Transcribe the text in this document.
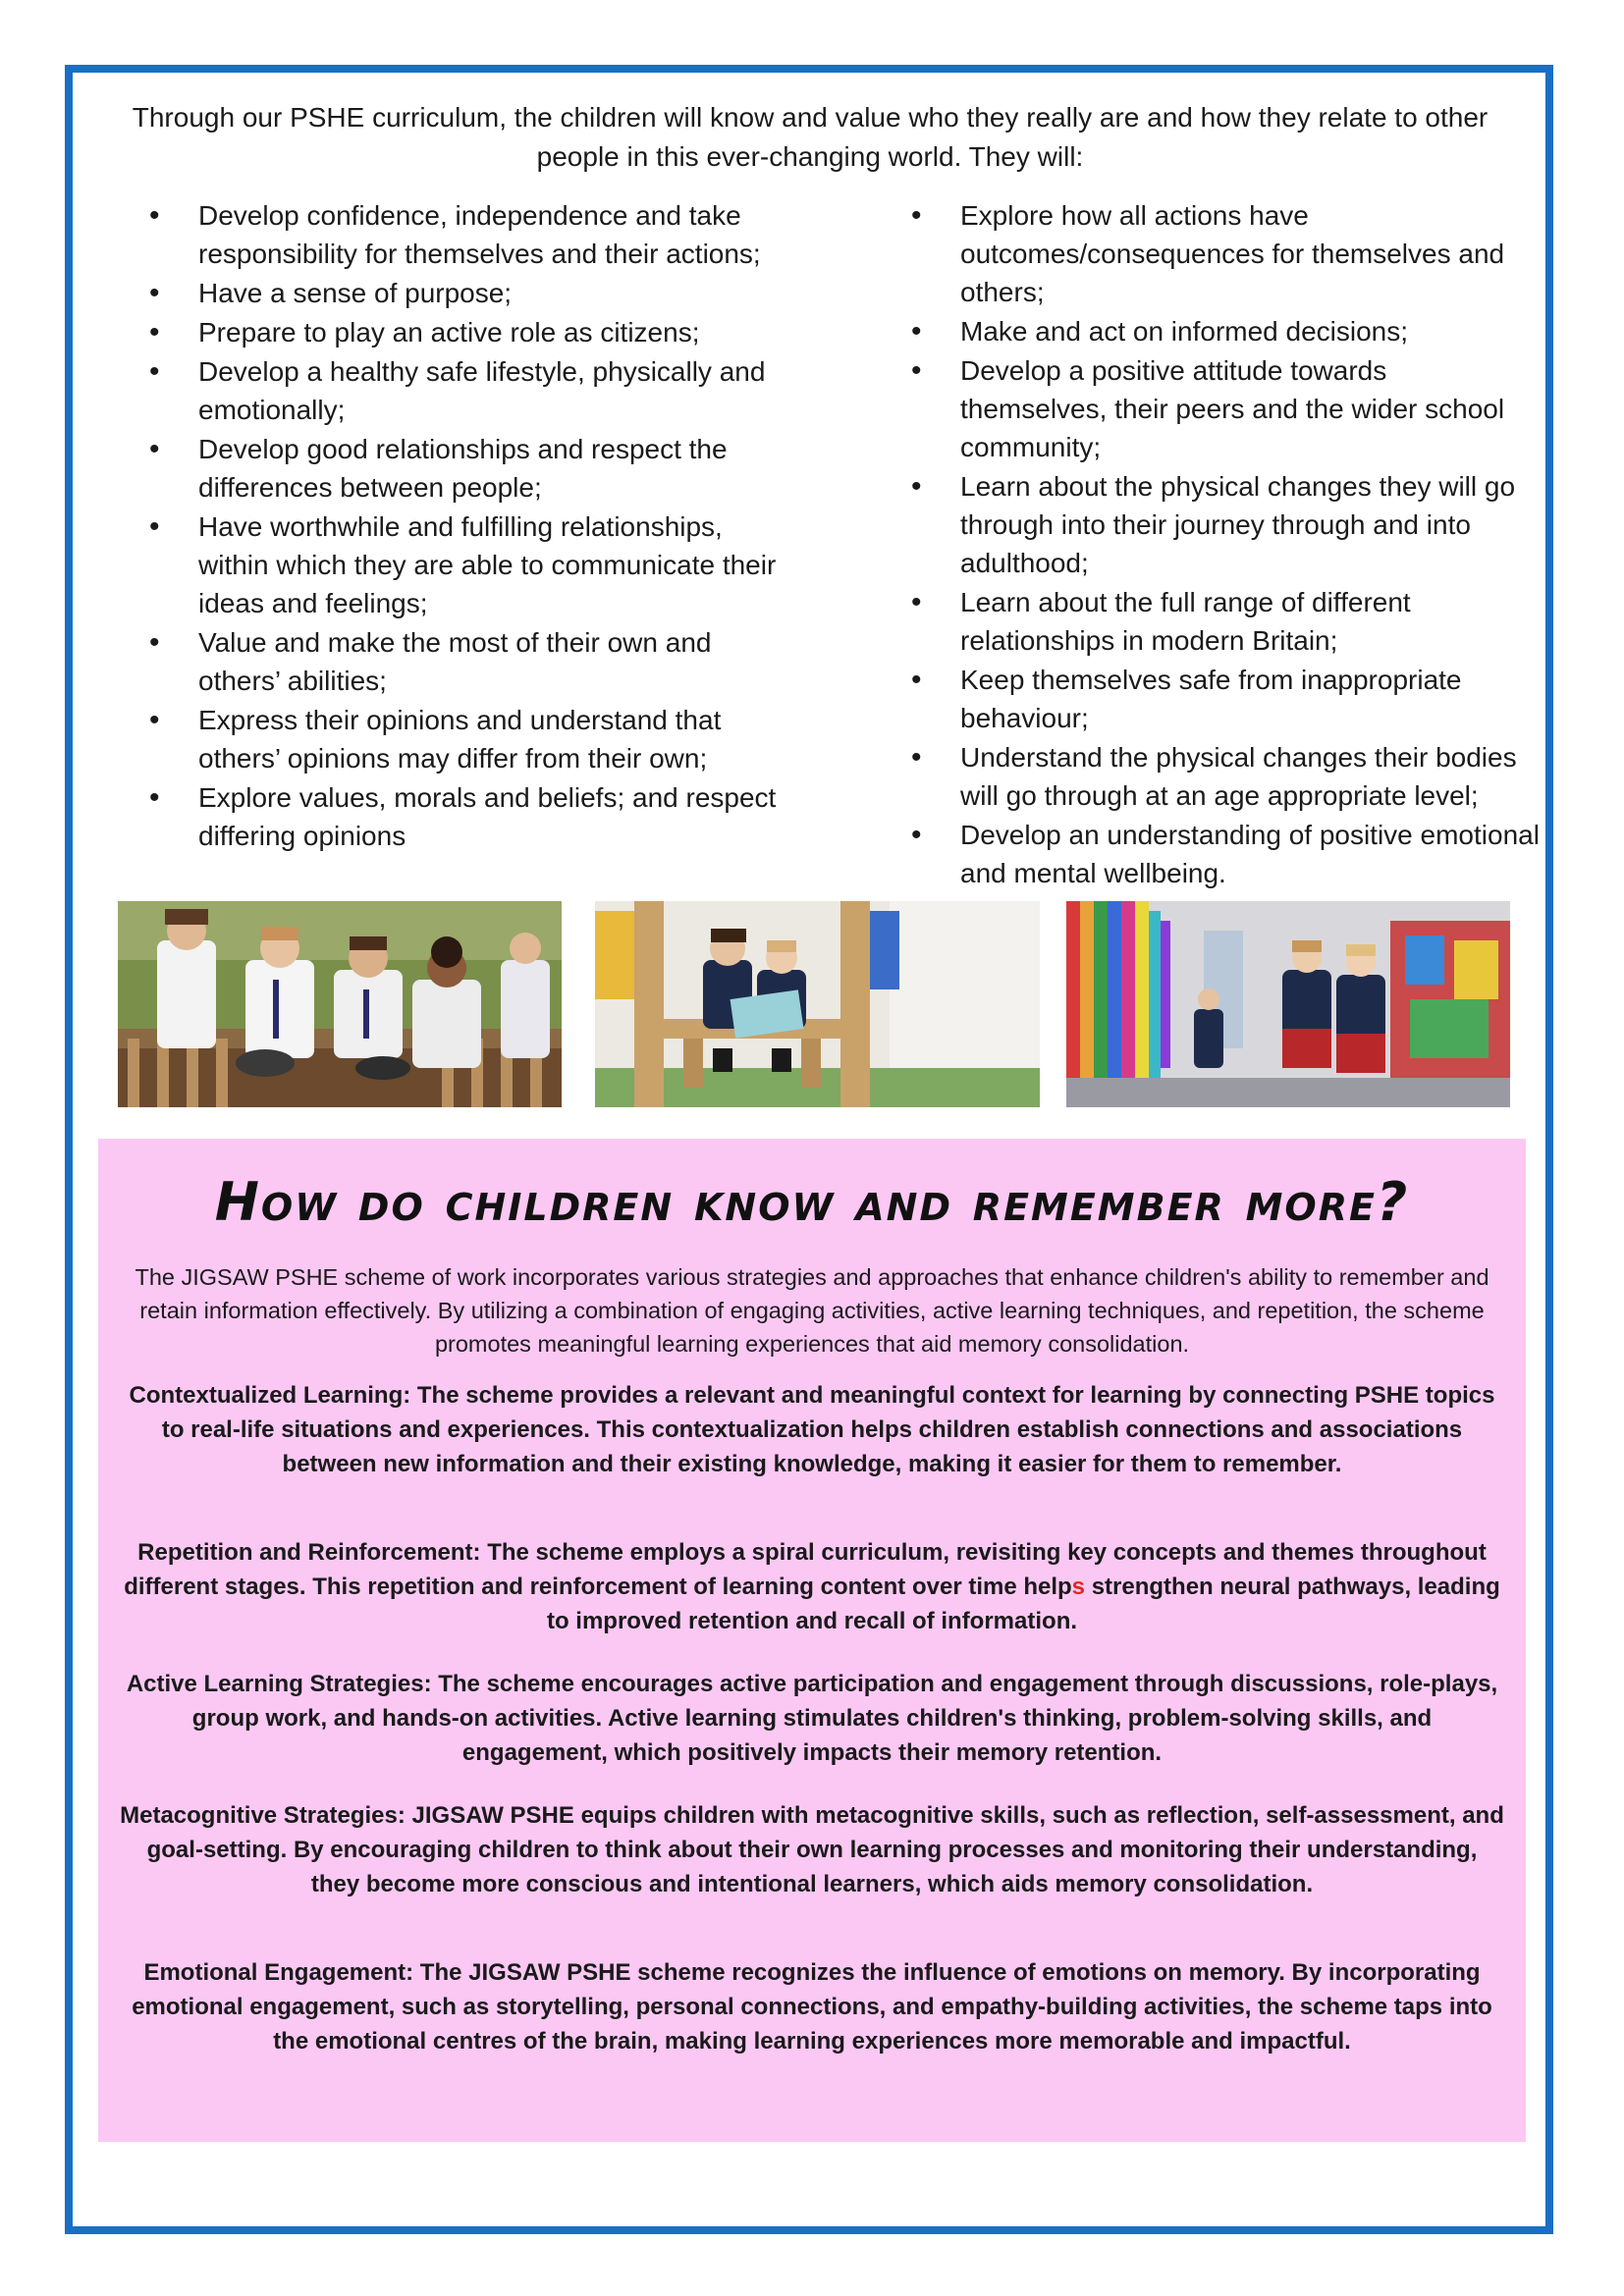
Through our PSHE curriculum, the children will know and value who they really are and how they relate to other people in this ever-changing world. They will:

• Develop confidence, independence and take responsibility for themselves and their actions;
• Have a sense of purpose;
• Prepare to play an active role as citizens;
• Develop a healthy safe lifestyle, physically and emotionally;
• Develop good relationships and respect the differences between people;
• Have worthwhile and fulfilling relationships, within which they are able to communicate their ideas and feelings;
• Value and make the most of their own and others’ abilities;
• Express their opinions and understand that others’ opinions may differ from their own;
• Explore values, morals and beliefs; and respect differing opinions
• Explore how all actions have outcomes/consequences for themselves and others;
• Make and act on informed decisions;
• Develop a positive attitude towards themselves, their peers and the wider school community;
• Learn about the physical changes they will go through into their journey through and into adulthood;
• Learn about the full range of different relationships in modern Britain;
• Keep themselves safe from inappropriate behaviour;
• Understand the physical changes their bodies will go through at an age appropriate level;
• Develop an understanding of positive emotional and mental wellbeing.
How do children know and remember more?

The JIGSAW PSHE scheme of work incorporates various strategies and approaches that enhance children's ability to remember and retain information effectively. By utilizing a combination of engaging activities, active learning techniques, and repetition, the scheme promotes meaningful learning experiences that aid memory consolidation.

Contextualized Learning: The scheme provides a relevant and meaningful context for learning by connecting PSHE topics to real-life situations and experiences. This contextualization helps children establish connections and associations between new information and their existing knowledge, making it easier for them to remember.

Repetition and Reinforcement: The scheme employs a spiral curriculum, revisiting key concepts and themes throughout different stages. This repetition and reinforcement of learning content over time helps strengthen neural pathways, leading to improved retention and recall of information.

Active Learning Strategies: The scheme encourages active participation and engagement through discussions, role-plays, group work, and hands-on activities. Active learning stimulates children's thinking, problem-solving skills, and engagement, which positively impacts their memory retention.

Metacognitive Strategies: JIGSAW PSHE equips children with metacognitive skills, such as reflection, self-assessment, and goal-setting. By encouraging children to think about their own learning processes and monitoring their understanding, they become more conscious and intentional learners, which aids memory consolidation.

Emotional Engagement: The JIGSAW PSHE scheme recognizes the influence of emotions on memory. By incorporating emotional engagement, such as storytelling, personal connections, and empathy-building activities, the scheme taps into the emotional centres of the brain, making learning experiences more memorable and impactful.
